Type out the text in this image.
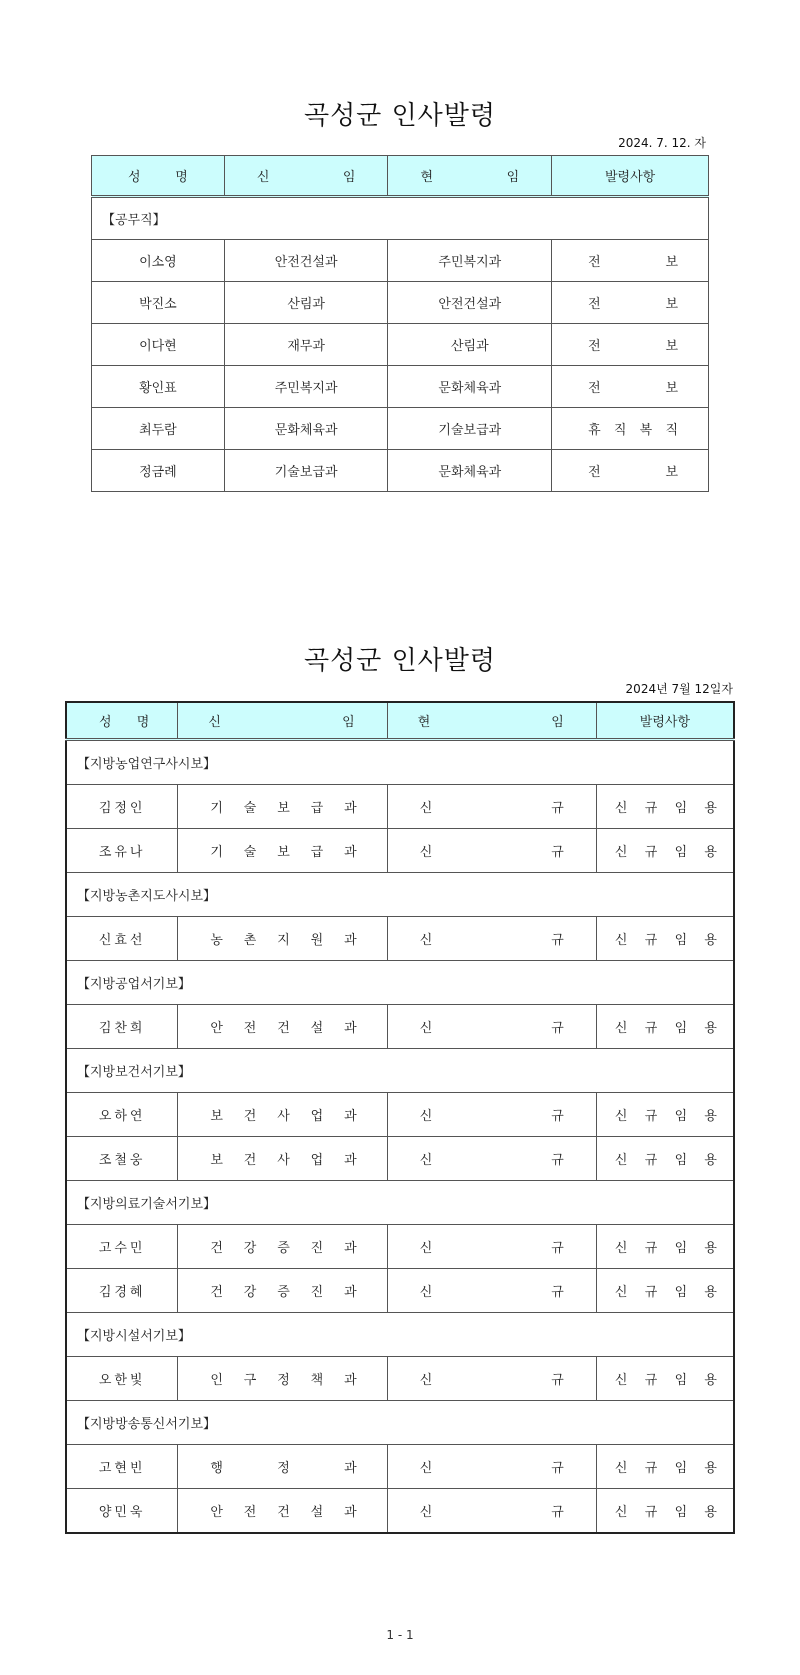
곡성군 인사발령
2024. 7. 12. 자
성 명	신 임	현 임	발령사항
【공무직】			
이소영	안전건설과	주민복지과	전 보

박진소	산림과	안전건설과	전 보

이다현	재무과	산림과	전 보

황인표	주민복지과	문화체육과	전 보

최두람	문화체육과	기술보급과	휴 직 복 직

정금례	기술보급과	문화체육과	전 보
곡성군 인사발령
2024년 7월 12일자
성 명	신 임	현 임	발령사항
【지방농업연구사시보】			
김정인	기 술 보 급 과	신 규	신 규 임 용

조유나	기 술 보 급 과	신 규	신 규 임 용

【지방농촌지도사시보】			
신효선	농 촌 지 원 과	신 규	신 규 임 용

【지방공업서기보】			
김찬희	안 전 건 설 과	신 규	신 규 임 용

【지방보건서기보】			
오하연	보 건 사 업 과	신 규	신 규 임 용

조철웅	보 건 사 업 과	신 규	신 규 임 용

【지방의료기술서기보】			
고수민	건 강 증 진 과	신 규	신 규 임 용

김경혜	건 강 증 진 과	신 규	신 규 임 용

【지방시설서기보】			
오한빛	인 구 정 책 과	신 규	신 규 임 용

【지방방송통신서기보】			
고현빈	행 정 과	신 규	신 규 임 용

양민욱	안 전 건 설 과	신 규	신 규 임 용
1 - 1
